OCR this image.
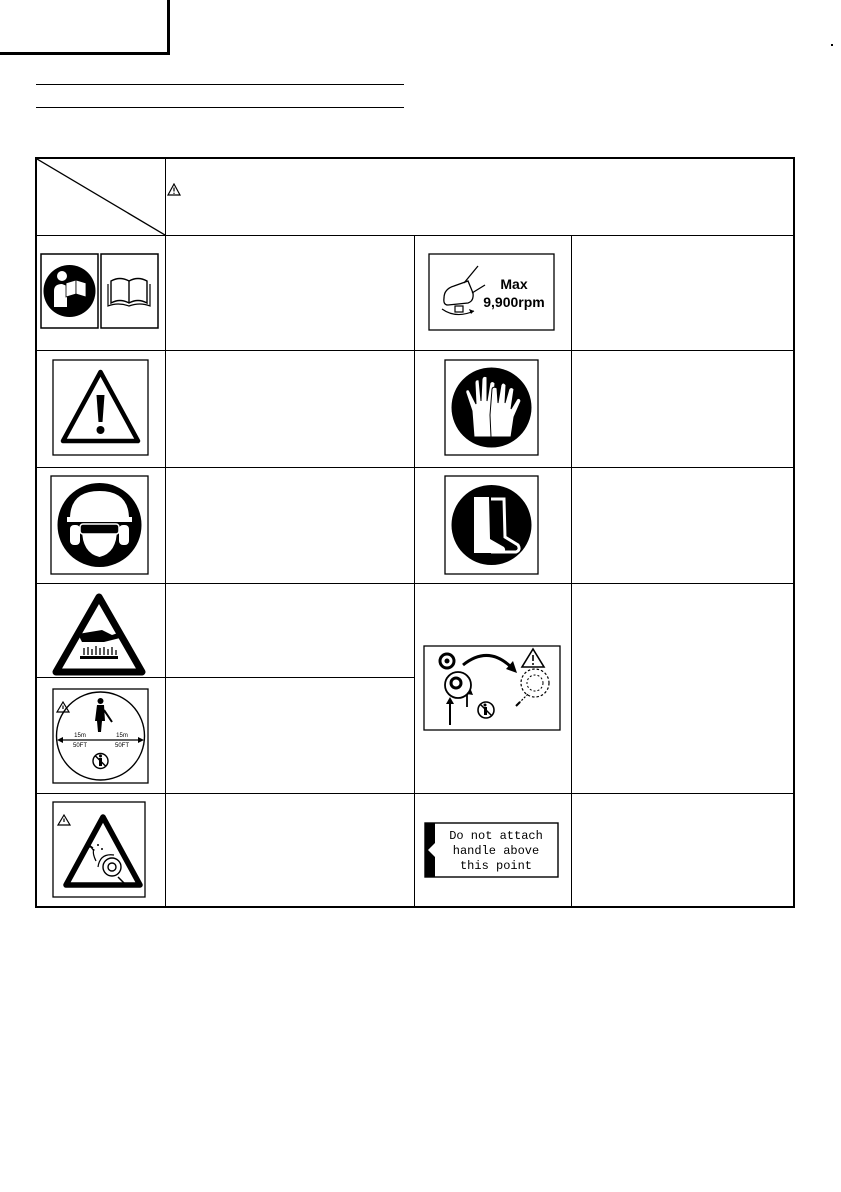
Max
9,900rpm
15m
50FT
15m
50FT
Do not attach
handle above
this point
